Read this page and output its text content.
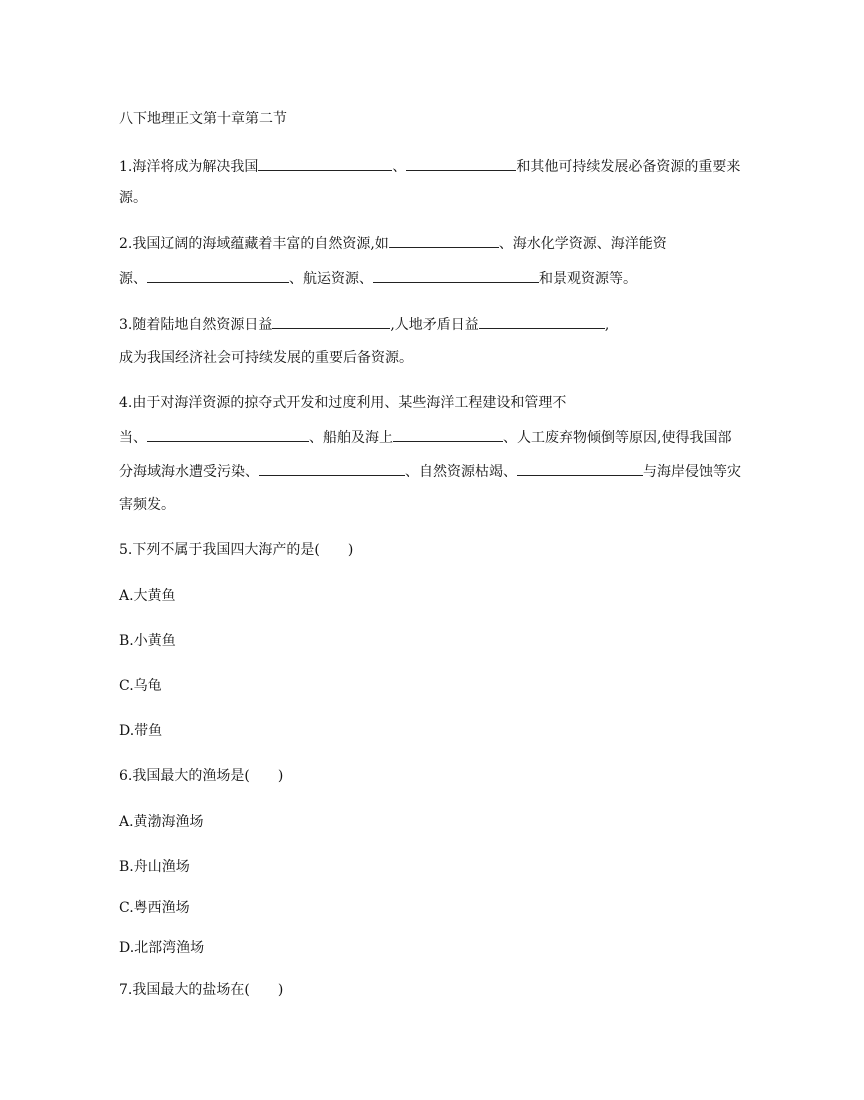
八下地理正文第十章第二节
1.海洋将成为解决我国	、	和其他可持续发展必备资源的重要来
源。
2.我国辽阔的海域蕴藏着丰富的自然资源,如	、海水化学资源、海洋能资
源、	、航运资源、	和景观资源等。
3.随着陆地自然资源日益	,人地矛盾日益	,
成为我国经济社会可持续发展的重要后备资源。
4.由于对海洋资源的掠夺式开发和过度利用、某些海洋工程建设和管理不
当、	、船舶及海上	、人工废弃物倾倒等原因,使得我国部
分海域海水遭受污染、	、自然资源枯竭、	与海岸侵蚀等灾
害频发。
5.下列不属于我国四大海产的是(　　)
A.大黄鱼
B.小黄鱼
C.乌龟
D.带鱼
6.我国最大的渔场是(　　)
A.黄渤海渔场
B.舟山渔场
C.粤西渔场
D.北部湾渔场
7.我国最大的盐场在(　　)
